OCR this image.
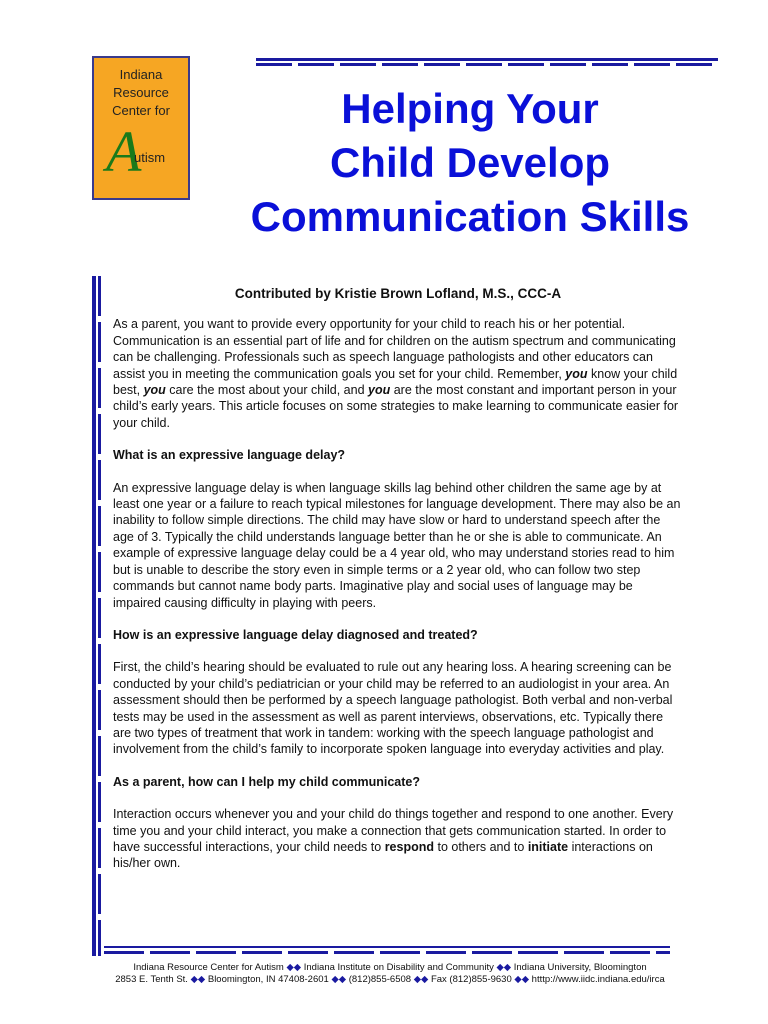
Indiana
Resource
Center for
A
utism
Helping Your
Child Develop
Communication Skills

Contributed by Kristie Brown Lofland, M.S., CCC-A

As a parent, you want to provide every opportunity for your child to reach his or her potential. Communication is an essential part of life and for children on the autism spectrum and communicating can be challenging. Professionals such as speech language pathologists and other educators can assist you in meeting the communication goals you set for your child. Remember, you know your child best, you care the most about your child, and you are the most constant and important person in your child’s early years. This article focuses on some strategies to make learning to communicate easier for your child.

What is an expressive language delay?

An expressive language delay is when language skills lag behind other children the same age by at least one year or a failure to reach typical milestones for language development. There may also be an inability to follow simple directions. The child may have slow or hard to understand speech after the age of 3. Typically the child understands language better than he or she is able to communicate. An example of expressive language delay could be a 4 year old, who may understand stories read to him but is unable to describe the story even in simple terms or a 2 year old, who can follow two step commands but cannot name body parts. Imaginative play and social uses of language may be impaired causing difficulty in playing with peers.

How is an expressive language delay diagnosed and treated?

First, the child’s hearing should be evaluated to rule out any hearing loss. A hearing screening can be conducted by your child’s pediatrician or your child may be referred to an audiologist in your area. An assessment should then be performed by a speech language pathologist. Both verbal and non-verbal tests may be used in the assessment as well as parent interviews, observations, etc. Typically there are two types of treatment that work in tandem: working with the speech language pathologist and involvement from the child’s family to incorporate spoken language into everyday activities and play.

As a parent, how can I help my child communicate?

Interaction occurs whenever you and your child do things together and respond to one another. Every time you and your child interact, you make a connection that gets communication started. In order to have successful interactions, your child needs to respond to others and to initiate interactions on his/her own.

Indiana Resource Center for Autism ◆◆ Indiana Institute on Disability and Community ◆◆ Indiana University, Bloomington
2853 E. Tenth St. ◆◆ Bloomington, IN 47408-2601 ◆◆ (812)855-6508 ◆◆ Fax (812)855-9630 ◆◆ htttp://www.iidc.indiana.edu/irca
